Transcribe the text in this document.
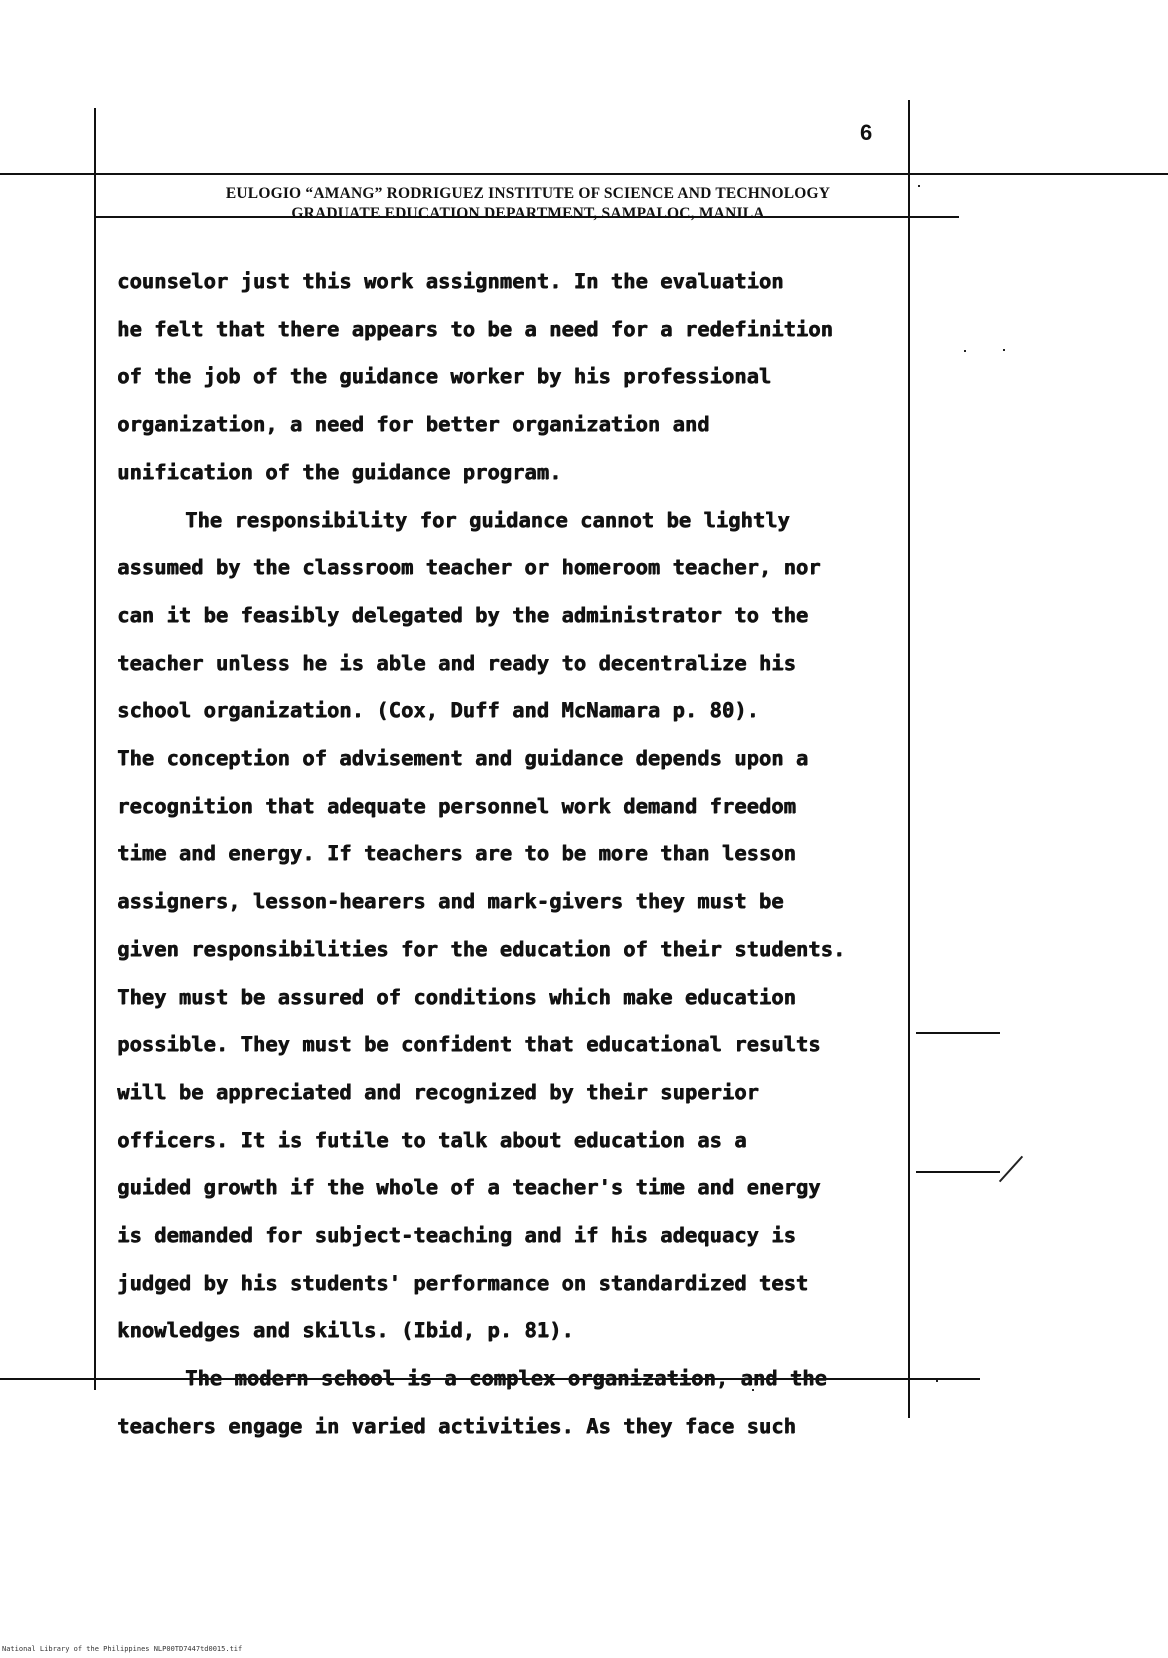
6
EULOGIO “AMANG” RODRIGUEZ INSTITUTE OF SCIENCE AND TECHNOLOGY
GRADUATE EDUCATION DEPARTMENT, SAMPALOC, MANILA

counselor just this work assignment. In the evaluation
he felt that there appears to be a need for a redefinition
of the job of the guidance worker by his professional
organization, a need for better organization and
unification of the guidance program.

The responsibility for guidance cannot be lightly
assumed by the classroom teacher or homeroom teacher, nor
can it be feasibly delegated by the administrator to the
teacher unless he is able and ready to decentralize his
school organization. (Cox, Duff and McNamara p. 80).
The conception of advisement and guidance depends upon a
recognition that adequate personnel work demand freedom
time and energy. If teachers are to be more than lesson
assigners, lesson-hearers and mark-givers they must be
given responsibilities for the education of their students.
They must be assured of conditions which make education
possible. They must be confident that educational results
will be appreciated and recognized by their superior
officers. It is futile to talk about education as a
guided growth if the whole of a teacher's time and energy
is demanded for subject-teaching and if his adequacy is
judged by his students' performance on standardized test
knowledges and skills. (Ibid, p. 81).

The modern school is a complex organization, and the
teachers engage in varied activities. As they face such

National Library of the Philippines NLP00TD7447td0015.tif
